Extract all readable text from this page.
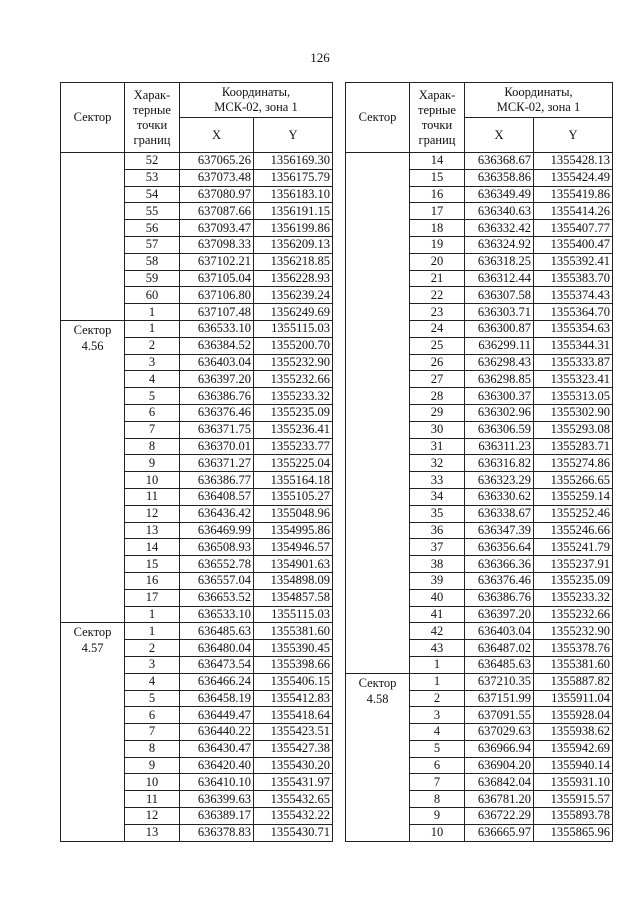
126
Сектор	Харак-
терные
точки
границ	Координаты,
МСК-02, зона 1	
		X	Y
	52	637065.26	1356169.30
	53	637073.48	1356175.79
	54	637080.97	1356183.10
	55	637087.66	1356191.15
	56	637093.47	1356199.86
	57	637098.33	1356209.13
	58	637102.21	1356218.85
	59	637105.04	1356228.93
	60	637106.80	1356239.24
	1	637107.48	1356249.69
Сектор
4.56	1	636533.10	1355115.03
	2	636384.52	1355200.70
	3	636403.04	1355232.90
	4	636397.20	1355232.66
	5	636386.76	1355233.32
	6	636376.46	1355235.09
	7	636371.75	1355236.41
	8	636370.01	1355233.77
	9	636371.27	1355225.04
	10	636386.77	1355164.18
	11	636408.57	1355105.27
	12	636436.42	1355048.96
	13	636469.99	1354995.86
	14	636508.93	1354946.57
	15	636552.78	1354901.63
	16	636557.04	1354898.09
	17	636653.52	1354857.58
	1	636533.10	1355115.03
Сектор
4.57	1	636485.63	1355381.60
	2	636480.04	1355390.45
	3	636473.54	1355398.66
	4	636466.24	1355406.15
	5	636458.19	1355412.83
	6	636449.47	1355418.64
	7	636440.22	1355423.51
	8	636430.47	1355427.38
	9	636420.40	1355430.20
	10	636410.10	1355431.97
	11	636399.63	1355432.65
	12	636389.17	1355432.22
	13	636378.83	1355430.71
Сектор	Харак-
терные
точки
границ	Координаты,
МСК-02, зона 1	
		X	Y
	14	636368.67	1355428.13
	15	636358.86	1355424.49
	16	636349.49	1355419.86
	17	636340.63	1355414.26
	18	636332.42	1355407.77
	19	636324.92	1355400.47
	20	636318.25	1355392.41
	21	636312.44	1355383.70
	22	636307.58	1355374.43
	23	636303.71	1355364.70
	24	636300.87	1355354.63
	25	636299.11	1355344.31
	26	636298.43	1355333.87
	27	636298.85	1355323.41
	28	636300.37	1355313.05
	29	636302.96	1355302.90
	30	636306.59	1355293.08
	31	636311.23	1355283.71
	32	636316.82	1355274.86
	33	636323.29	1355266.65
	34	636330.62	1355259.14
	35	636338.67	1355252.46
	36	636347.39	1355246.66
	37	636356.64	1355241.79
	38	636366.36	1355237.91
	39	636376.46	1355235.09
	40	636386.76	1355233.32
	41	636397.20	1355232.66
	42	636403.04	1355232.90
	43	636487.02	1355378.76
	1	636485.63	1355381.60
Сектор
4.58	1	637210.35	1355887.82
	2	637151.99	1355911.04
	3	637091.55	1355928.04
	4	637029.63	1355938.62
	5	636966.94	1355942.69
	6	636904.20	1355940.14
	7	636842.04	1355931.10
	8	636781.20	1355915.57
	9	636722.29	1355893.78
	10	636665.97	1355865.96
